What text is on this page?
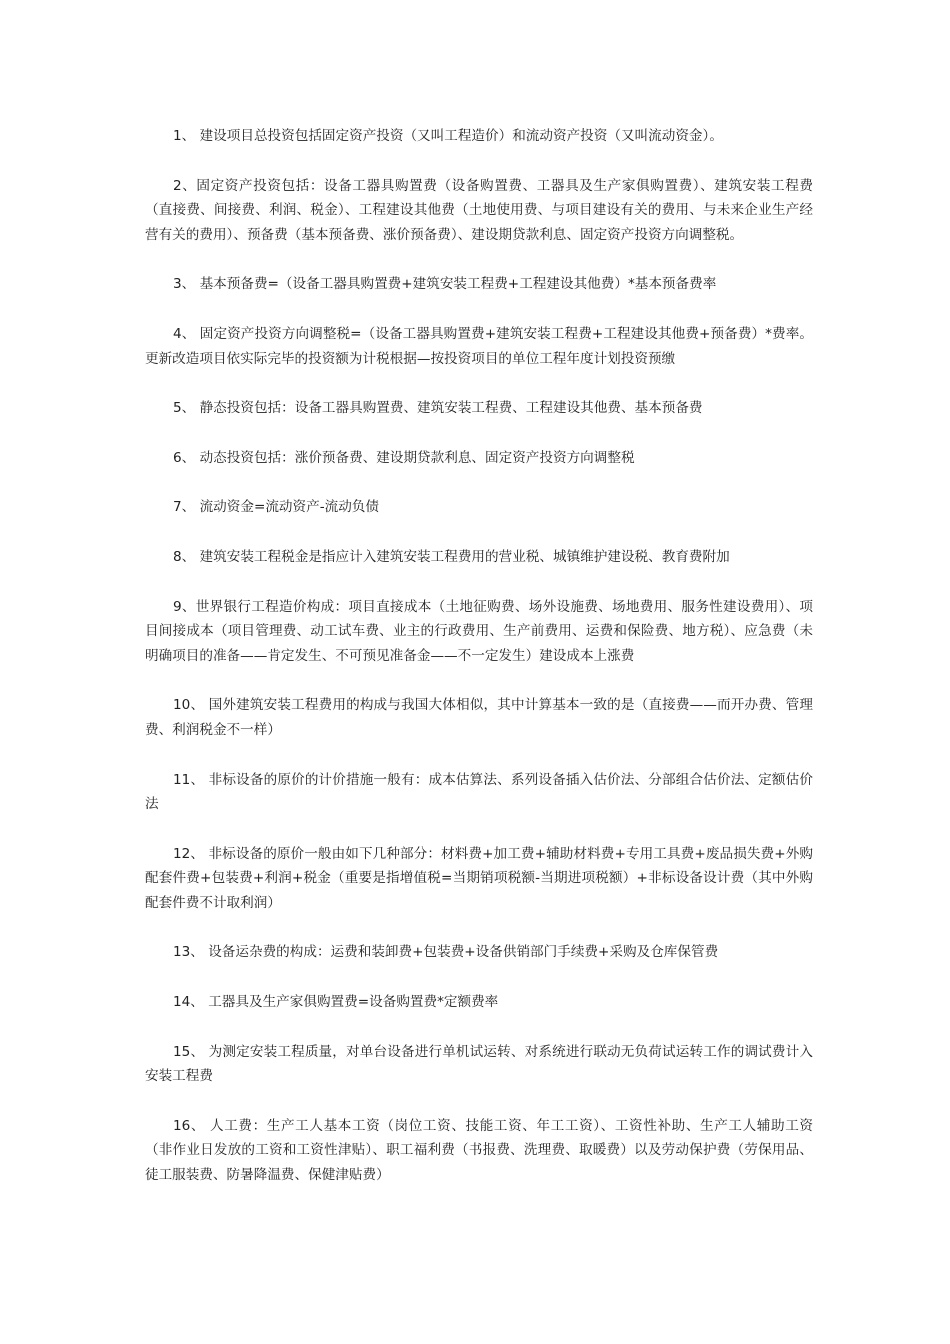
1、 建设项目总投资包括固定资产投资（又叫工程造价）和流动资产投资（又叫流动资金）。

2、固定资产投资包括：设备工器具购置费（设备购置费、工器具及生产家俱购置费）、建筑安装工程费（直接费、间接费、利润、税金）、工程建设其他费（土地使用费、与项目建设有关的费用、与未来企业生产经营有关的费用）、预备费（基本预备费、涨价预备费）、建设期贷款利息、固定资产投资方向调整税。

3、 基本预备费=（设备工器具购置费+建筑安装工程费+工程建设其他费）*基本预备费率

4、 固定资产投资方向调整税=（设备工器具购置费+建筑安装工程费+工程建设其他费+预备费）*费率。更新改造项目依实际完毕的投资额为计税根据—按投资项目的单位工程年度计划投资预缴

5、 静态投资包括：设备工器具购置费、建筑安装工程费、工程建设其他费、基本预备费

6、 动态投资包括：涨价预备费、建设期贷款利息、固定资产投资方向调整税

7、 流动资金=流动资产-流动负债

8、 建筑安装工程税金是指应计入建筑安装工程费用的营业税、城镇维护建设税、教育费附加

9、世界银行工程造价构成：项目直接成本（土地征购费、场外设施费、场地费用、服务性建设费用）、项目间接成本（项目管理费、动工试车费、业主的行政费用、生产前费用、运费和保险费、地方税）、应急费（未明确项目的准备——肯定发生、不可预见准备金——不一定发生）建设成本上涨费

10、 国外建筑安装工程费用的构成与我国大体相似，其中计算基本一致的是（直接费——而开办费、管理费、利润税金不一样）

11、 非标设备的原价的计价措施一般有：成本估算法、系列设备插入估价法、分部组合估价法、定额估价法

12、 非标设备的原价一般由如下几种部分：材料费+加工费+辅助材料费+专用工具费+废品损失费+外购配套件费+包装费+利润+税金（重要是指增值税=当期销项税额-当期进项税额）+非标设备设计费（其中外购配套件费不计取利润）

13、 设备运杂费的构成：运费和装卸费+包装费+设备供销部门手续费+采购及仓库保管费

14、 工器具及生产家俱购置费=设备购置费*定额费率

15、 为测定安装工程质量，对单台设备进行单机试运转、对系统进行联动无负荷试运转工作的调试费计入安装工程费

16、 人工费：生产工人基本工资（岗位工资、技能工资、年工工资）、工资性补助、生产工人辅助工资（非作业日发放的工资和工资性津贴）、职工福利费（书报费、洗理费、取暖费）以及劳动保护费（劳保用品、徒工服装费、防暑降温费、保健津贴费）
